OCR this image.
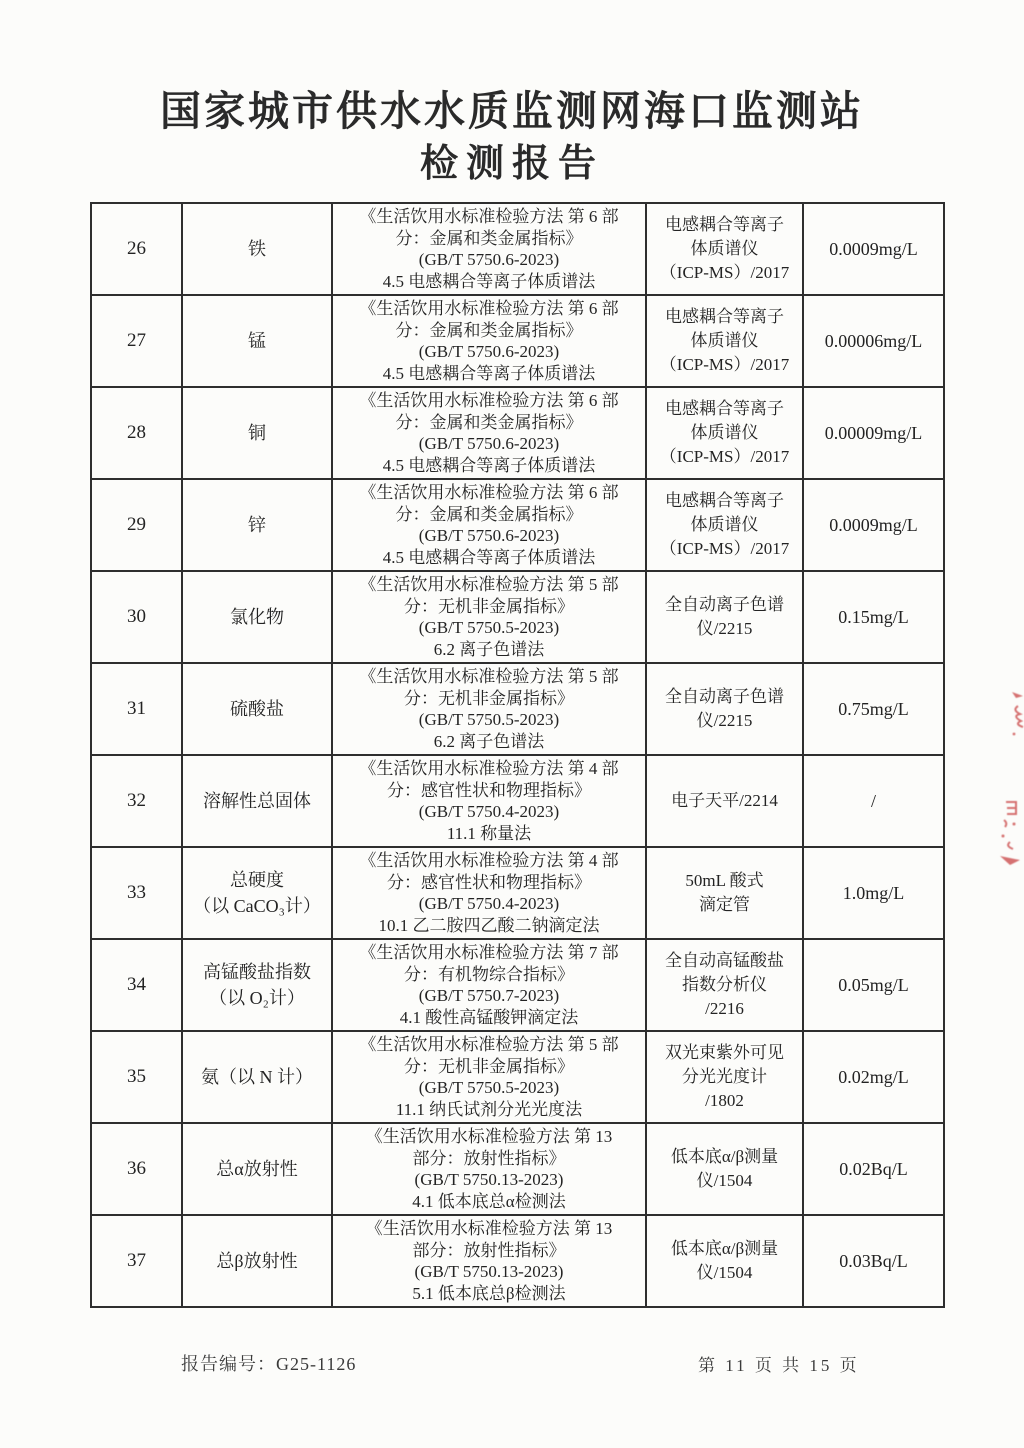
国家城市供水水质监测网海口监测站
检测报告
26	铁	《生活饮用水标准检验方法 第 6 部
分：金属和类金属指标》
(GB/T 5750.6-2023)
4.5 电感耦合等离子体质谱法	电感耦合等离子
体质谱仪
（ICP-MS）/2017	0.0009mg/L
27	锰	《生活饮用水标准检验方法 第 6 部
分：金属和类金属指标》
(GB/T 5750.6-2023)
4.5 电感耦合等离子体质谱法	电感耦合等离子
体质谱仪
（ICP-MS）/2017	0.00006mg/L
28	铜	《生活饮用水标准检验方法 第 6 部
分：金属和类金属指标》
(GB/T 5750.6-2023)
4.5 电感耦合等离子体质谱法	电感耦合等离子
体质谱仪
（ICP-MS）/2017	0.00009mg/L
29	锌	《生活饮用水标准检验方法 第 6 部
分：金属和类金属指标》
(GB/T 5750.6-2023)
4.5 电感耦合等离子体质谱法	电感耦合等离子
体质谱仪
（ICP-MS）/2017	0.0009mg/L
30	氯化物	《生活饮用水标准检验方法 第 5 部
分：无机非金属指标》
(GB/T 5750.5-2023)
6.2 离子色谱法	全自动离子色谱
仪/2215	0.15mg/L
31	硫酸盐	《生活饮用水标准检验方法 第 5 部
分：无机非金属指标》
(GB/T 5750.5-2023)
6.2 离子色谱法	全自动离子色谱
仪/2215	0.75mg/L
32	溶解性总固体	《生活饮用水标准检验方法 第 4 部
分：感官性状和物理指标》
(GB/T 5750.4-2023)
11.1 称量法	电子天平/2214	/
33	总硬度
（以 CaCO₃计）	《生活饮用水标准检验方法 第 4 部
分：感官性状和物理指标》
(GB/T 5750.4-2023)
10.1 乙二胺四乙酸二钠滴定法	50mL 酸式
滴定管	1.0mg/L
34	高锰酸盐指数
（以 O₂计）	《生活饮用水标准检验方法 第 7 部
分：有机物综合指标》
(GB/T 5750.7-2023)
4.1 酸性高锰酸钾滴定法	全自动高锰酸盐
指数分析仪
/2216	0.05mg/L
35	氨（以 N 计）	《生活饮用水标准检验方法 第 5 部
分：无机非金属指标》
(GB/T 5750.5-2023)
11.1 纳氏试剂分光光度法	双光束紫外可见
分光光度计
/1802	0.02mg/L
36	总α放射性	《生活饮用水标准检验方法 第 13
部分：放射性指标》
(GB/T 5750.13-2023)
4.1 低本底总α检测法	低本底α/β测量
仪/1504	0.02Bq/L
37	总β放射性	《生活饮用水标准检验方法 第 13
部分：放射性指标》
(GB/T 5750.13-2023)
5.1 低本底总β检测法	低本底α/β测量
仪/1504	0.03Bq/L
报告编号：G25-1126	第 11 页 共 15 页
